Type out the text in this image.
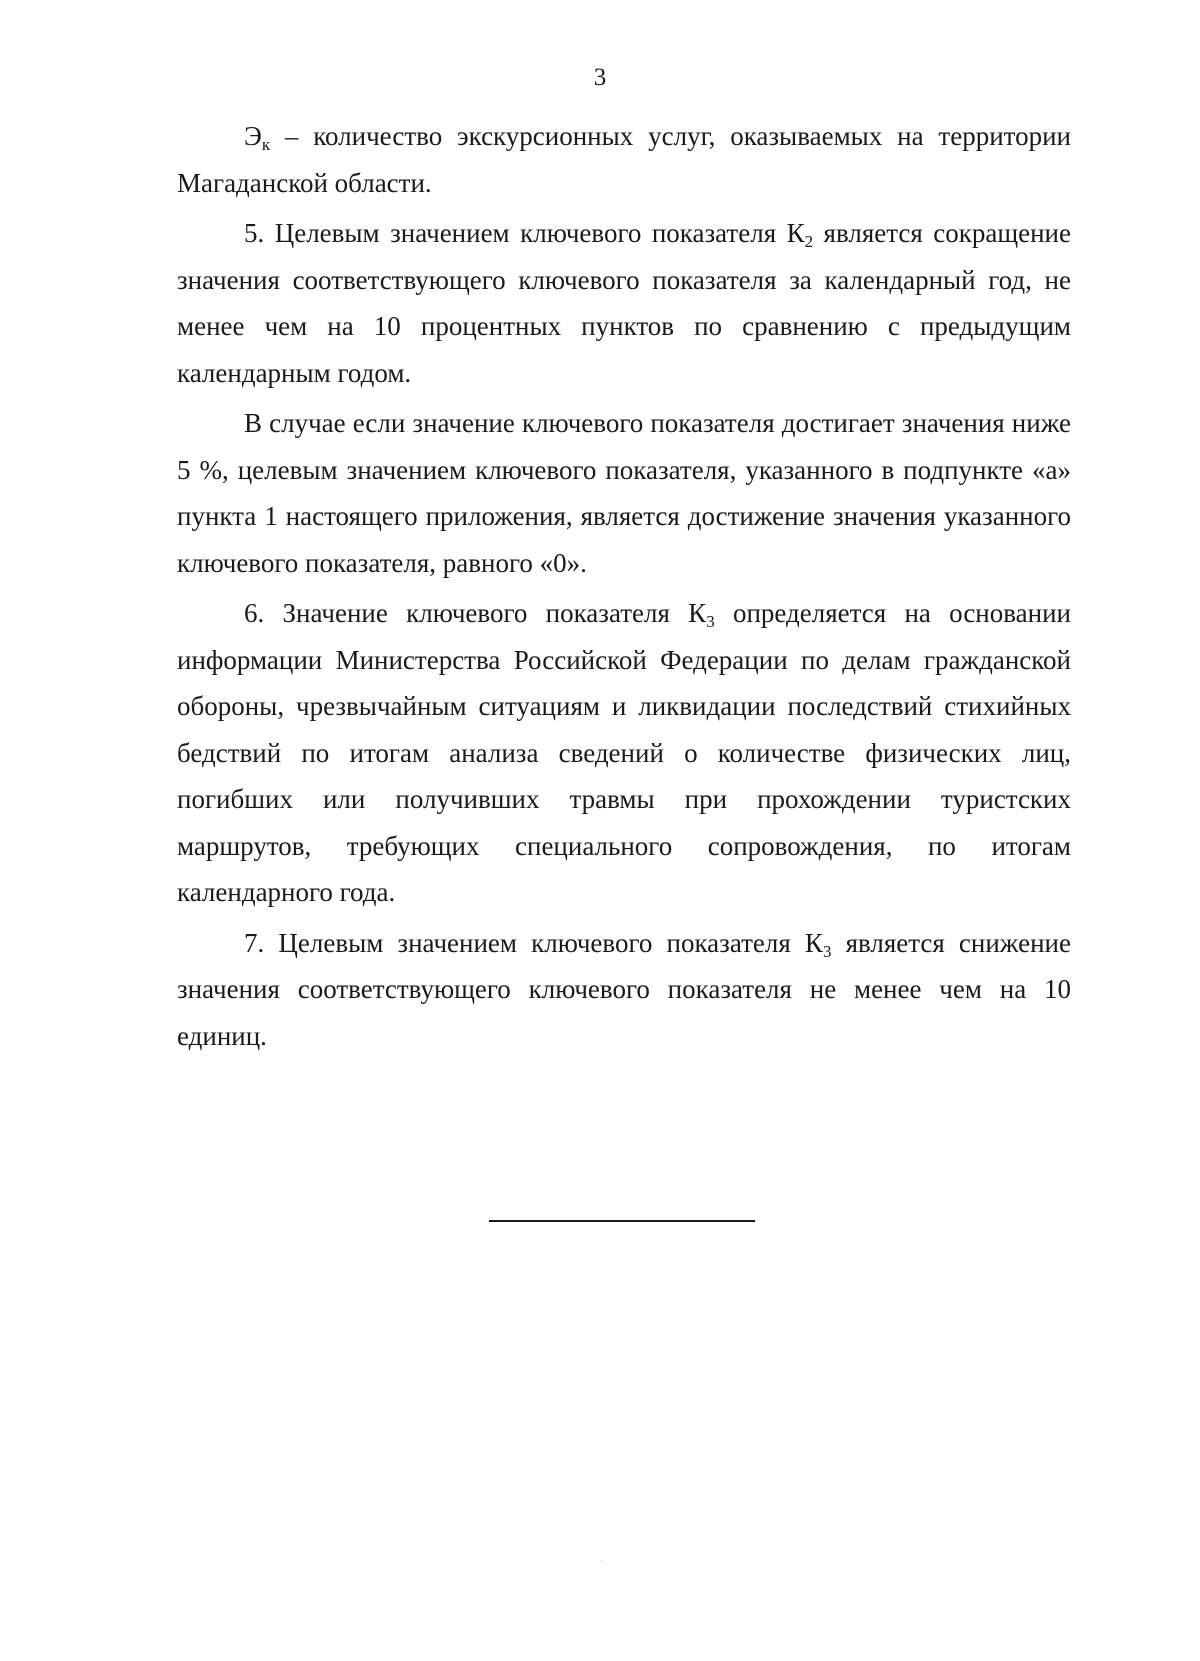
3

$Э_к$ – количество экскурсионных услуг, оказываемых на территории Магаданской области.

5. Целевым значением ключевого показателя $К_2$ является сокращение значения соответствующего ключевого показателя за календарный год, не менее чем на 10 процентных пунктов по сравнению с предыдущим календарным годом.

В случае если значение ключевого показателя достигает значения ниже 5 %, целевым значением ключевого показателя, указанного в подпункте «а» пункта 1 настоящего приложения, является достижение значения указанного ключевого показателя, равного «0».

6. Значение ключевого показателя $К_3$ определяется на основании информации Министерства Российской Федерации по делам гражданской обороны, чрезвычайным ситуациям и ликвидации последствий стихийных бедствий по итогам анализа сведений о количестве физических лиц, погибших или получивших травмы при прохождении туристских маршрутов, требующих специального сопровождения, по итогам календарного года.

7. Целевым значением ключевого показателя $К_3$ является снижение значения соответствующего ключевого показателя не менее чем на 10 единиц.
